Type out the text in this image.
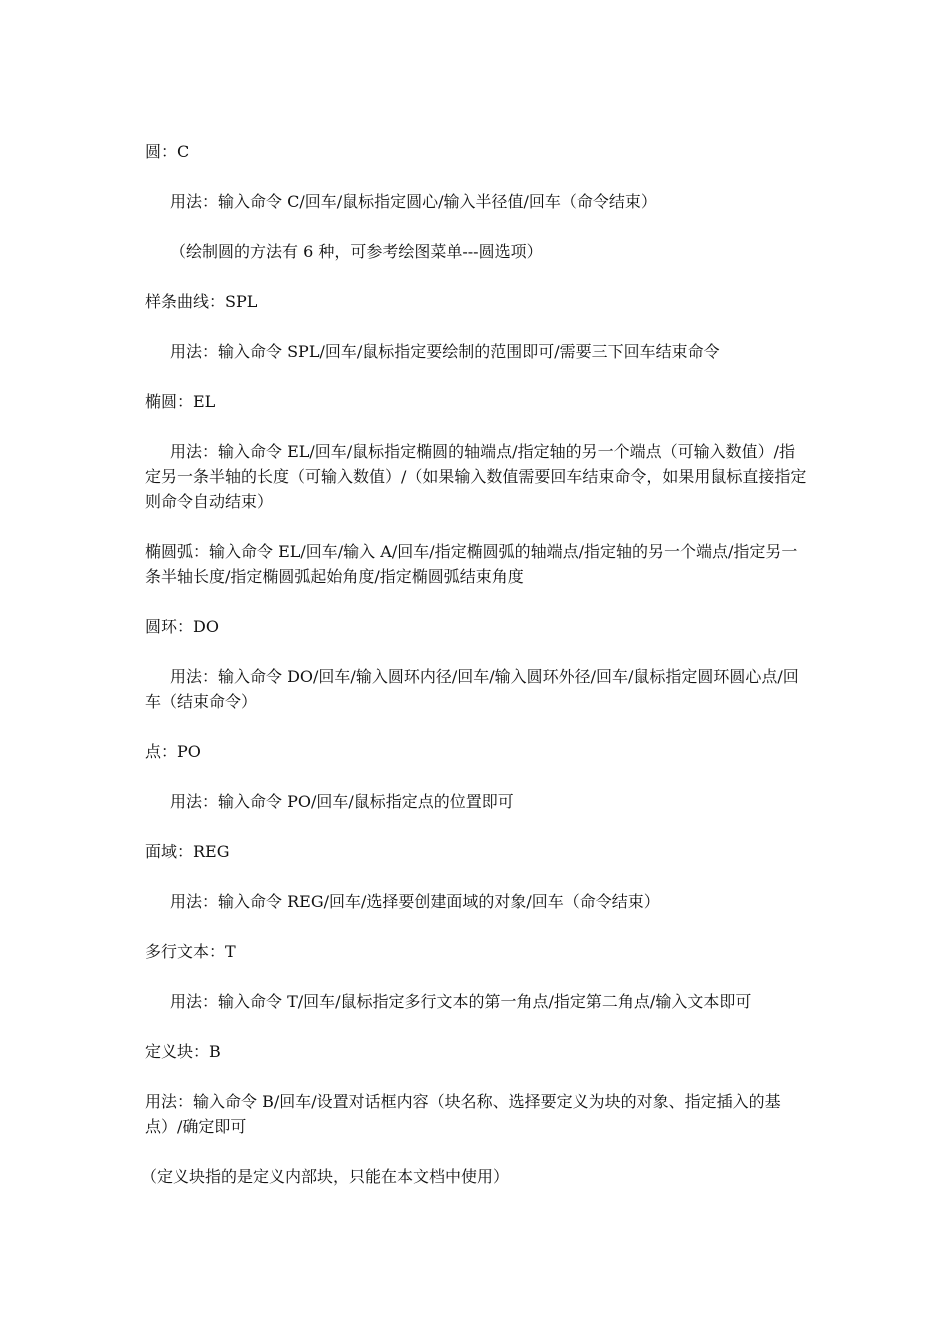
圆：C

用法：输入命令 C/回车/鼠标指定圆心/输入半径值/回车（命令结束）

（绘制圆的方法有 6 种，可参考绘图菜单---圆选项）

样条曲线：SPL

用法：输入命令 SPL/回车/鼠标指定要绘制的范围即可/需要三下回车结束命令

椭圆：EL

用法：输入命令 EL/回车/鼠标指定椭圆的轴端点/指定轴的另一个端点（可输入数值）/指定另一条半轴的长度（可输入数值）/（如果输入数值需要回车结束命令，如果用鼠标直接指定则命令自动结束）

椭圆弧：输入命令 EL/回车/输入 A/回车/指定椭圆弧的轴端点/指定轴的另一个端点/指定另一条半轴长度/指定椭圆弧起始角度/指定椭圆弧结束角度

圆环：DO

用法：输入命令 DO/回车/输入圆环内径/回车/输入圆环外径/回车/鼠标指定圆环圆心点/回车（结束命令）

点：PO

用法：输入命令 PO/回车/鼠标指定点的位置即可

面域：REG

用法：输入命令 REG/回车/选择要创建面域的对象/回车（命令结束）

多行文本：T

用法：输入命令 T/回车/鼠标指定多行文本的第一角点/指定第二角点/输入文本即可

定义块：B

用法：输入命令 B/回车/设置对话框内容（块名称、选择要定义为块的对象、指定插入的基点）/确定即可

（定义块指的是定义内部块，只能在本文档中使用）
